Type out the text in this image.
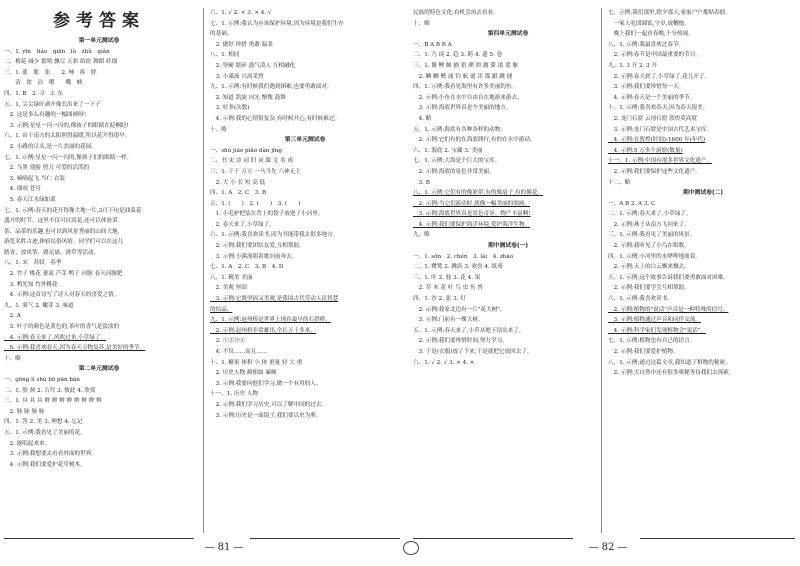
参考答案
第一单元测试卷
一、1. yīn　tiáo　qiān　lǔ　zhǔ　qiǎn
二、梅花 减少 繁殖 飘尽 五彩 缤纷 舞蹈 纤细
三、1. 涨　胀　张　　2. 柿　拆　胖
　　清　浓　沾　喂　　嘴　峡
四、1. B　2. 寻　3. 东
五、1. 尖尖绿叶剥开像长出来了一下子
　2. 这是多么有趣的一幅图画呀!
　3. 示例:星星一闪一闪的,像孩子的眼睛在眨啊眨!
六、1. 由于南方的太阳照得温暖,所以花开得很早。
　2. 小路的尽头,是一片美丽的花园。
七、1. 示例:星星一闪一闪的,像孩子们的眼睛一样。
　2. 乌黑 翅膀 剪刀 可爱的活泼的
　3. 嘀嘀起飞 当仁 衣装
　4. 细雨 苍穹
　5. 春天江水绿如蓝
七、1. 示例:春天的花开得像大地一片,3月下旬是油菜花
盛开的时节。这里不仅可以赏花,还可以体验采
茶、品茶的乐趣,也可以到风景秀丽的山间大地,
游览名胜古迹,体验民俗风情。同学们可以在这儿
踏青、放风筝、踢足球、滑草等活动。
八、1. 宋　苏轼　春季
　2. 竹子 桃花 蒌蒿 芦芽 鸭子 河豚 春天河豚肥
　3. 鸭先知 竹外桃花
　4. 示例:这首诗写了诗人对春天的喜爱之情。
九、1. 雾气 2. 嫩芽 3. 味道
　2. A
　3. 叶子的颜色是黄色的,茶叶的香气是淡淡的
　4. 示例:春天来了,风吹过来,小草绿了。
　5. 示例:我喜欢春天,因为春天万物复苏,是美好的季节。
十、略
第二单元测试卷
一、ɡōnɡ lì shù bō pān bān
二、1. 脸 颈 2. 古代 3. 彼此 4. 欣赏
三、1. 具 具 具 辫 辫 辫 辫 辫 辫 辫 辫
　2. 脉 脉 脉 脉
四、1. 答 2. 美 3. 理想 4. 忘记
五、1. 示例:我看见了美丽的花。
　2. 能唱起来来。
　3. 示例:我想要去看看外面的世界。
　4. 示例:我们要爱护花草树木。
六、1. √ 2. × 3. × 4. √
七、1. 示例:我认为应该保护环境,因为环境是我们生存
的基础。
　2. 做好 珍惜 勇敢 温柔
八、1. 相同
　2. 坚硬 瞎碎 盛气凌人 互相融化
　3. 小溪流 兴高采烈
九、1. 示例:有时候我们遇到困难,也要勇敢面对。
　2. 知道 凯旋 闪光 惭愧 鼓舞
　3. 好多(次数)
　4. 示例:我的心情很复杂,有时候开心,有时候难过。
十、略
第三单元测试卷
一、shǔ jiāo piāo dàn jǐnɡ
二、书 宋 诗 词 旧 词 课 文 名 成
三、1. 干干 万万 一马当先 六神无主
　2. 大 小 长 短 高 低
四、1. A　2. C　3. B
五、1. (　　)　2. (　　)　3. (　　)
　1. 小毛驴把装在背上的袋子放进了小河里。
　2. 春天来了,小草绿了。
六、1. 示例:我喜欢读书,因为书能带我去很多地方。
　2. 示例:我们要团结友爱,互相帮助。
　3. 示例:小溪流唱着歌向前奔去。
七、1. A　2. C　3. B　4. D
八、1. 精美 美丽
　2. 美观 坚固
　3. 示例:它既坚固又美观,是我国古代劳动人民智慧
的结晶。
九、1. 示例:赵州桥是世界上现存最早的石拱桥。
　2. 示例:赵州桥非常雄伟,全长五十多米。
　3. ①②③④
　4. 不仅……而且……
十、1. 糖果 体积 小 体 重量 轻 大 重
　2. 历史人物 蔺相如 廉颇
　3. 示例:我要向他们学习,做一个有用的人。
十一、1. 历史 人物
　2. 示例:我们学习历史,可以了解中国的过去。
　3. 示例:历史是一面镜子,我们要以史为鉴。
民族的特色文化,有机会再去看看。
十、略
第四单元测试卷
一、B A B B A
二、1. 乃 谈 2. 趋 3. 跨 4. 遗 5. 卷
三、1. 鳌 鲤 鲸 捕 猎 溯 溃 激 滞 诸 谎 躯
　2. 鳞 鲫 鳍 涌 钓 航 诞 详 谍 跟 跳 捷
四、1. 示例:我看见海里有许多美丽的鱼。
　2. 示例:小鱼在水中自由自在地游来游去。
　3. 示例:海底世界真是个美丽的地方。
　4. 略
五、1. 示例:海底有各种各样的动物。
　2. 示例:它们有的在海底爬行,有的在水中游动。
六、1. 海底 2. 宝藏 3. 美丽
七、1. 示例:大海是个巨大的宝库。
　2. 示例:海底的景色非常美丽。
　3. B
八、1. 示例:它们有的像彩带,有的像扇子,有的像花。
　2. 示例:当它们游动时,就像一幅美丽的图画。
　3. 示例:海底世界真是景色奇异、物产丰富啊!
　4. 示例:我们要保护海洋环境,爱护海洋生物。
九、略
期中测试卷(一)
一、1. sǒn　2. chén　3. lài　4. zhāo
二、1. 鹭鸶 2. 跳跃 3. 欢喜 4. 纸鸢
三、1. 叶 2. 枝 3. 花 4. 果
　2. 草 木 花 叶 鸟 虫 鱼 兽
四、1. 沙 2. 张 3. 灯
　2. 示例:我家北边有一片"花大树"。
　3. 示例:门前有一棵大树。
五、1. 示例:春天来了,小草从地下钻出来了。
　2. 示例:我们要珍惜时间,努力学习。
　3. 于是(衣服)放了下来,于是就把它放回去了。
六、1. √ 2. √ 3. × 4. ×
七、示例:我们那里,除夕那天,家家户户都贴春联。
　一家人吃团圆饭,守岁,放鞭炮。
　晚上我们一起看春晚,十分热闹。
八、1. 示例:我最喜欢过春节。
　2. 示例:春节是中国最重要的节日。
九、1. 3 开 2. 3 开
　2. 示例:春天到了,小草绿了,花儿开了。
　3. 示例:我们要珍惜每一天。
　4. 示例:春天是一个美丽的季节。
十、1. 示例:我喜欢春天,因为春天很美。
　2. 龙门石窟 云冈石窟 敦煌莫高窟
　3. 示例:龙门石窟是中国古代艺术宝库。
　4. 示例:在敦煌(时间):1600 年(年代)
　4. 示例:5 万多个洞窟(数量)
十一、1. 示例:中国有很多世界文化遗产。
　2. 示例:我们要保护这些文化遗产。
十二、略
期中测试卷(二)
一、A B 2. A 3. C
二、1. 示例:春天来了,小草绿了。
　2. 示例:燕子从南方飞回来了。
三、1. 示例:我看见了美丽的风景。
　2. 示例:我听见了小鸟在唱歌。
四、1. 示例:小河里的水哗哗地流着。
　2. 示例:天上的白云飘来飘去。
五、1. 示例:这个故事告诉我们要勇敢面对困难。
　2. 示例:我们要学会互相帮助。
六、1. 示例:我喜欢读书。
　2. 示例:植物的"说话"声音是一种特殊的信号。
　3. 示例:植物通过声音和同伴交流。
　4. 示例:科学家们发现植物会"说话"。
七、1. 示例:植物也有自己的语言。
　2. 示例:我们要爱护植物。
八、1. 示例:通过这篇文章,我知道了植物的秘密。
　2. 示例:大自然中还有很多奥秘等待我们去探索。
— 81 —	— 82 —
